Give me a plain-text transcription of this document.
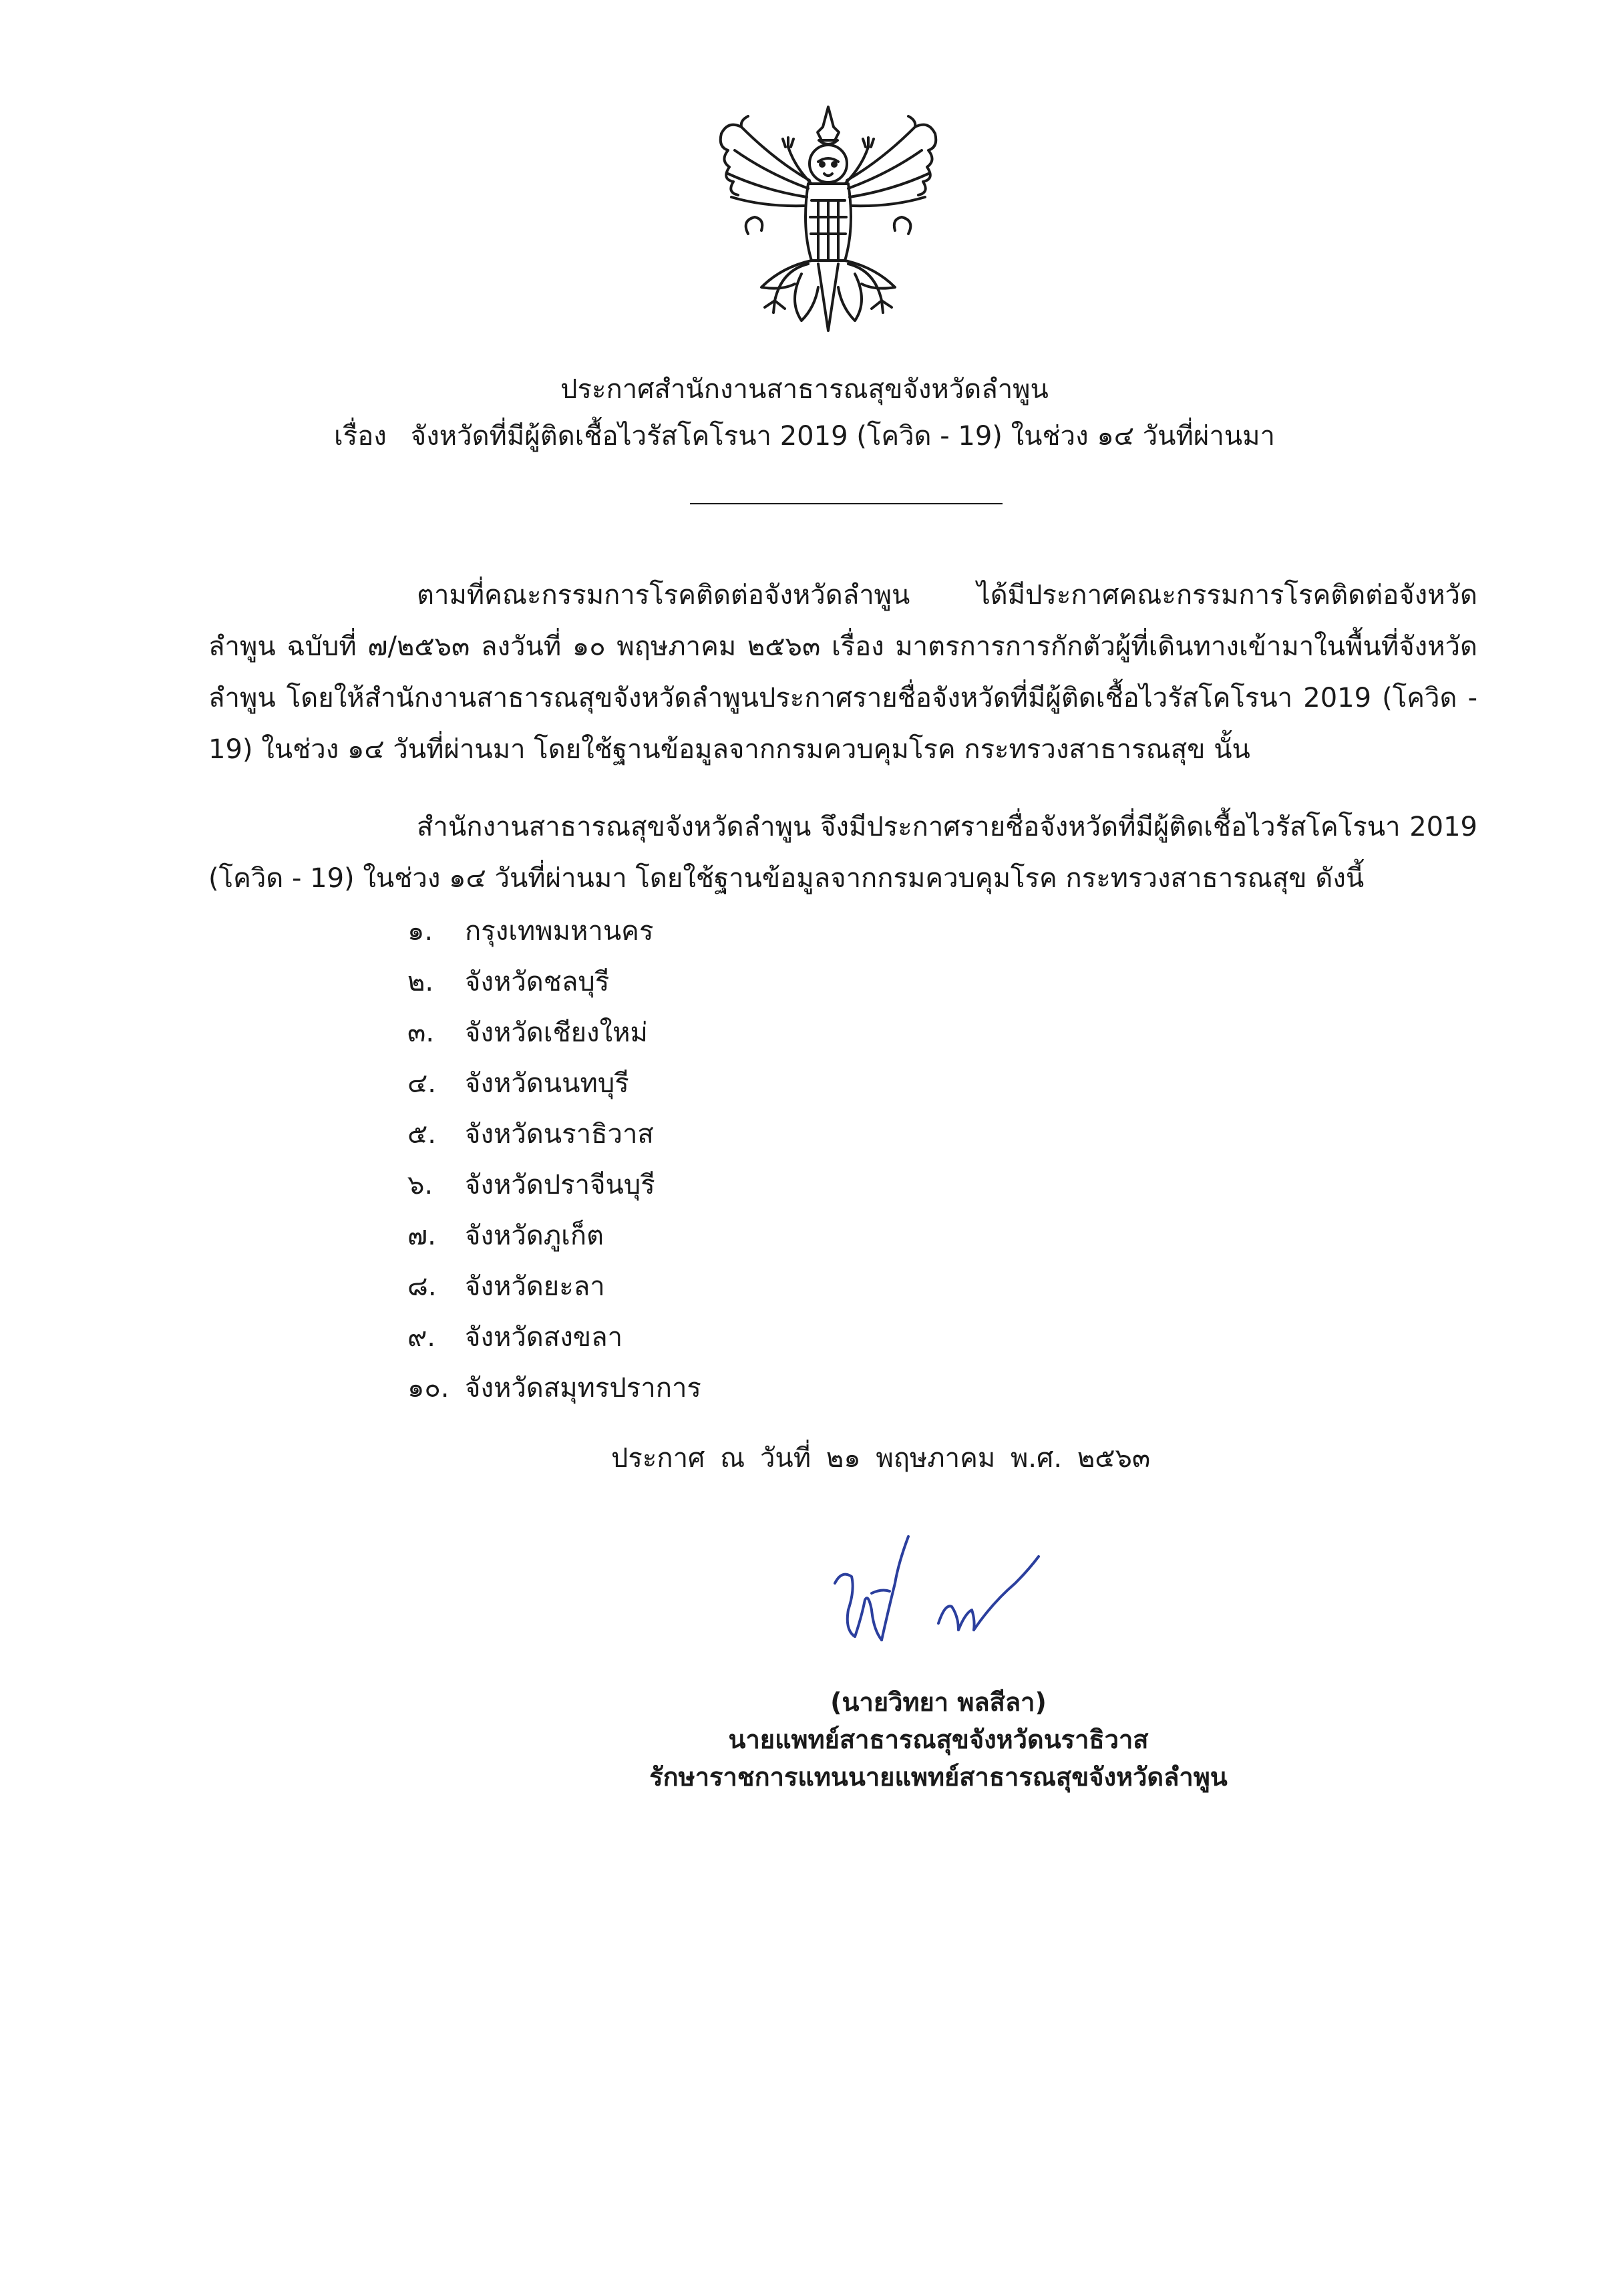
ประกาศสำนักงานสาธารณสุขจังหวัดลำพูน
เรื่อง จังหวัดที่มีผู้ติดเชื้อไวรัสโคโรนา 2019 (โควิด - 19) ในช่วง ๑๔ วันที่ผ่านมา
ตามที่คณะกรรมการโรคติดต่อจังหวัดลำพูน ได้มีประกาศคณะกรรมการโรคติดต่อจังหวัดลำพูน ฉบับที่ ๗/๒๕๖๓ ลงวันที่ ๑๐ พฤษภาคม ๒๕๖๓ เรื่อง มาตรการการกักตัวผู้ที่เดินทางเข้ามาในพื้นที่จังหวัดลำพูน โดยให้สำนักงานสาธารณสุขจังหวัดลำพูนประกาศรายชื่อจังหวัดที่มีผู้ติดเชื้อไวรัสโคโรนา 2019 (โควิด - 19) ในช่วง ๑๔ วันที่ผ่านมา โดยใช้ฐานข้อมูลจากกรมควบคุมโรค กระทรวงสาธารณสุข นั้น
สำนักงานสาธารณสุขจังหวัดลำพูน จึงมีประกาศรายชื่อจังหวัดที่มีผู้ติดเชื้อไวรัสโคโรนา 2019 (โควิด - 19) ในช่วง ๑๔ วันที่ผ่านมา โดยใช้ฐานข้อมูลจากกรมควบคุมโรค กระทรวงสาธารณสุข ดังนี้
๑. กรุงเทพมหานคร
๒. จังหวัดชลบุรี
๓. จังหวัดเชียงใหม่
๔. จังหวัดนนทบุรี
๕. จังหวัดนราธิวาส
๖. จังหวัดปราจีนบุรี
๗. จังหวัดภูเก็ต
๘. จังหวัดยะลา
๙. จังหวัดสงขลา
๑๐. จังหวัดสมุทรปราการ
ประกาศ ณ วันที่ ๒๑ พฤษภาคม พ.ศ. ๒๕๖๓
(นายวิทยา พลสีลา)
นายแพทย์สาธารณสุขจังหวัดนราธิวาส
รักษาราชการแทนนายแพทย์สาธารณสุขจังหวัดลำพูน
